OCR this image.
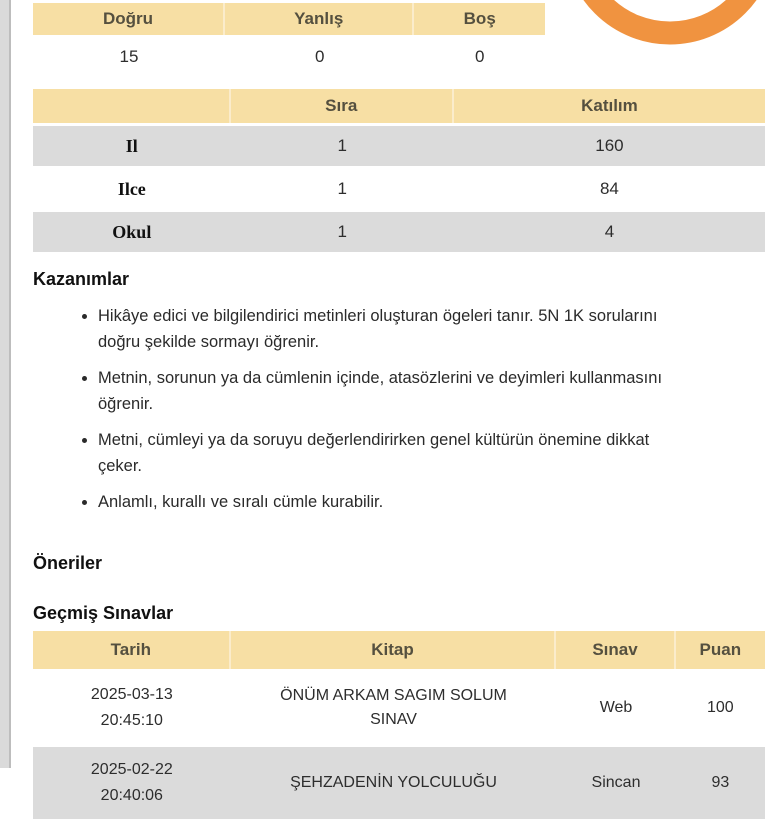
Doğru	Yanlış	Boş
15	0	0
	Sıra	Katılım
Il	1	160
Ilce	1	84
Okul	1	4
Kazanımlar
• Hikâye edici ve bilgilendirici metinleri oluşturan ögeleri tanır. 5N 1K sorularını doğru şekilde sormayı öğrenir.
• Metnin, sorunun ya da cümlenin içinde, atasözlerini ve deyimleri kullanmasını öğrenir.
• Metni, cümleyi ya da soruyu değerlendirirken genel kültürün önemine dikkat çeker.
• Anlamlı, kurallı ve sıralı cümle kurabilir.
Öneriler
Geçmiş Sınavlar
Tarih	Kitap	Sınav	Puan

2025-03-13
20:45:10	ÖNÜM ARKAM SAGIM SOLUM SINAV	Web	100

2025-02-22
20:40:06	ŞEHZADENİN YOLCULUĞU	Sincan	93
